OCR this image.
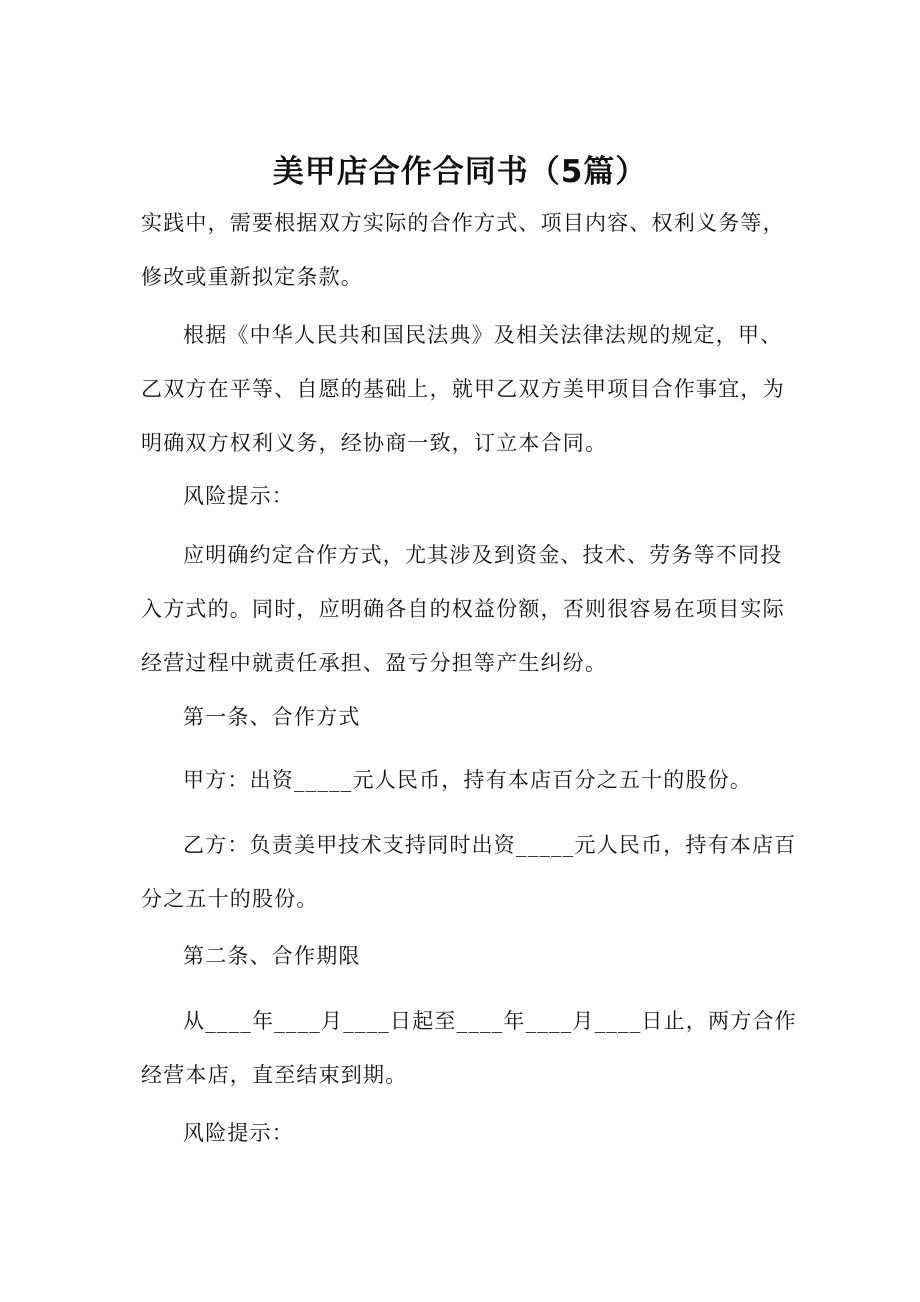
美甲店合作合同书（5篇）

实践中，需要根据双方实际的合作方式、项目内容、权利义务等，
修改或重新拟定条款。

根据《中华人民共和国民法典》及相关法律法规的规定，甲、
乙双方在平等、自愿的基础上，就甲乙双方美甲项目合作事宜，为
明确双方权利义务，经协商一致，订立本合同。

风险提示：

应明确约定合作方式，尤其涉及到资金、技术、劳务等不同投
入方式的。同时，应明确各自的权益份额，否则很容易在项目实际
经营过程中就责任承担、盈亏分担等产生纠纷。

第一条、合作方式

甲方：出资_____元人民币，持有本店百分之五十的股份。

乙方：负责美甲技术支持同时出资_____元人民币，持有本店百
分之五十的股份。

第二条、合作期限

从____年____月____日起至____年____月____日止，两方合作
经营本店，直至结束到期。

风险提示：
